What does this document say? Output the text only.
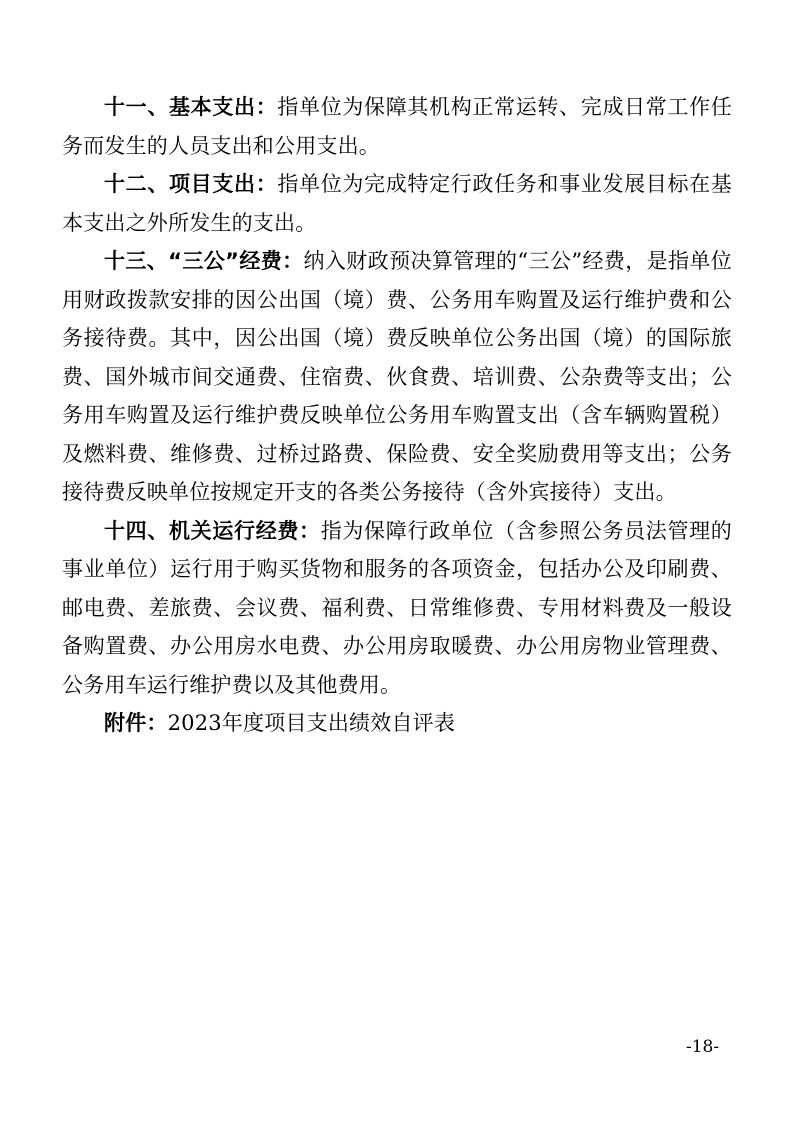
十一、基本支出：指单位为保障其机构正常运转、完成日常工作任务而发生的人员支出和公用支出。

十二、项目支出：指单位为完成特定行政任务和事业发展目标在基本支出之外所发生的支出。

十三、“三公”经费：纳入财政预决算管理的“三公”经费，是指单位用财政拨款安排的因公出国（境）费、公务用车购置及运行维护费和公务接待费。其中，因公出国（境）费反映单位公务出国（境）的国际旅费、国外城市间交通费、住宿费、伙食费、培训费、公杂费等支出；公务用车购置及运行维护费反映单位公务用车购置支出（含车辆购置税）及燃料费、维修费、过桥过路费、保险费、安全奖励费用等支出；公务接待费反映单位按规定开支的各类公务接待（含外宾接待）支出。

十四、机关运行经费：指为保障行政单位（含参照公务员法管理的事业单位）运行用于购买货物和服务的各项资金，包括办公及印刷费、邮电费、差旅费、会议费、福利费、日常维修费、专用材料费及一般设备购置费、办公用房水电费、办公用房取暖费、办公用房物业管理费、公务用车运行维护费以及其他费用。

附件：2023年度项目支出绩效自评表

-18-
